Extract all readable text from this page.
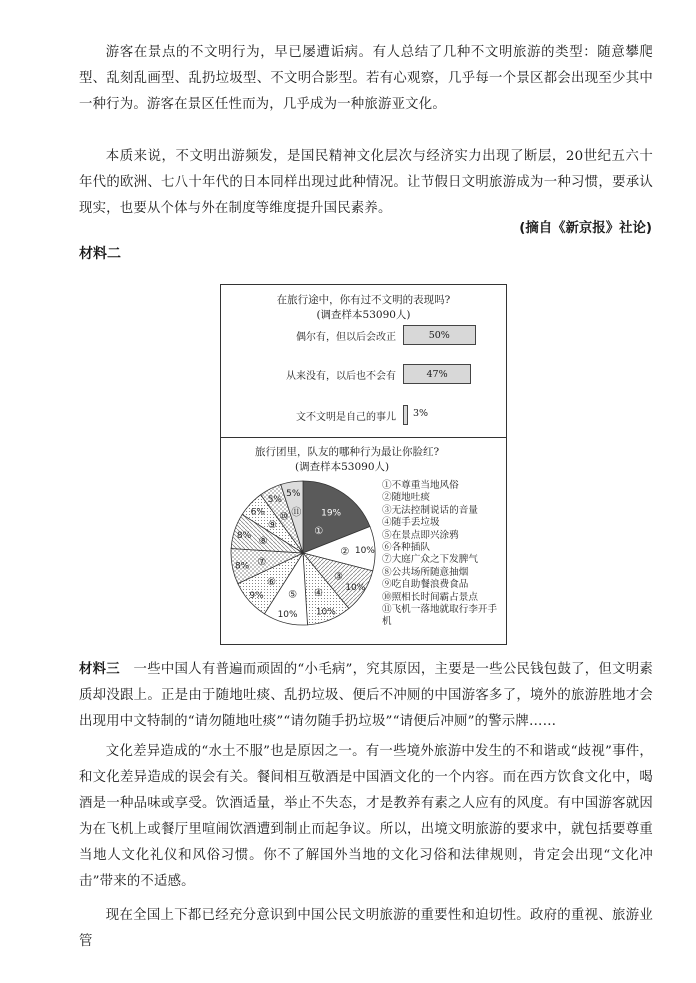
游客在景点的不文明行为，早已屡遭诟病。有人总结了几种不文明旅游的类型：随意攀爬型、乱刻乱画型、乱扔垃圾型、不文明合影型。若有心观察，几乎每一个景区都会出现至少其中一种行为。游客在景区任性而为，几乎成为一种旅游亚文化。

本质来说，不文明出游频发，是国民精神文化层次与经济实力出现了断层，20世纪五六十年代的欧洲、七八十年代的日本同样出现过此种情况。让节假日文明旅游成为一种习惯，要承认现实，也要从个体与外在制度等维度提升国民素养。

(摘自《新京报》社论)
材料二
在旅行途中，你有过不文明的表现吗?
(调查样本53090人)
偶尔有，但以后会改正	50%
从来没有，以后也不会有	47%
文不文明是自己的事儿 3%
旅行团里，队友的哪种行为最让你脸红?
(调查样本53090人)
①
19%
② 10%
③
10%
④
10%
⑤
10%
⑥
9%
⑦
8%
⑧
8%
⑨
6% ⑩
5%
⑪
5%
①不尊重当地风俗
②随地吐痰
③无法控制说话的音量
④随手丢垃圾
⑤在景点即兴涂鸦
⑥各种插队
⑦大庭广众之下发脾气
⑧公共场所随意抽烟
⑨吃自助餐浪费食品
⑩照相长时间霸占景点
⑪飞机一落地就取行李开手机

材料三 一些中国人有普遍而顽固的“小毛病”，究其原因，主要是一些公民钱包鼓了，但文明素质却没跟上。正是由于随地吐痰、乱扔垃圾、便后不冲厕的中国游客多了，境外的旅游胜地才会出现用中文特制的“请勿随地吐痰”“请勿随手扔垃圾”“请便后冲厕”的警示牌……

文化差异造成的“水土不服”也是原因之一。有一些境外旅游中发生的不和谐或“歧视”事件，和文化差异造成的误会有关。餐间相互敬酒是中国酒文化的一个内容。而在西方饮食文化中，喝酒是一种品味或享受。饮酒适量，举止不失态，才是教养有素之人应有的风度。有中国游客就因为在飞机上或餐厅里喧闹饮酒遭到制止而起争议。所以，出境文明旅游的要求中，就包括要尊重当地人文化礼仪和风俗习惯。你不了解国外当地的文化习俗和法律规则，肯定会出现“文化冲击”带来的不适感。

现在全国上下都已经充分意识到中国公民文明旅游的重要性和迫切性。政府的重视、旅游业管
